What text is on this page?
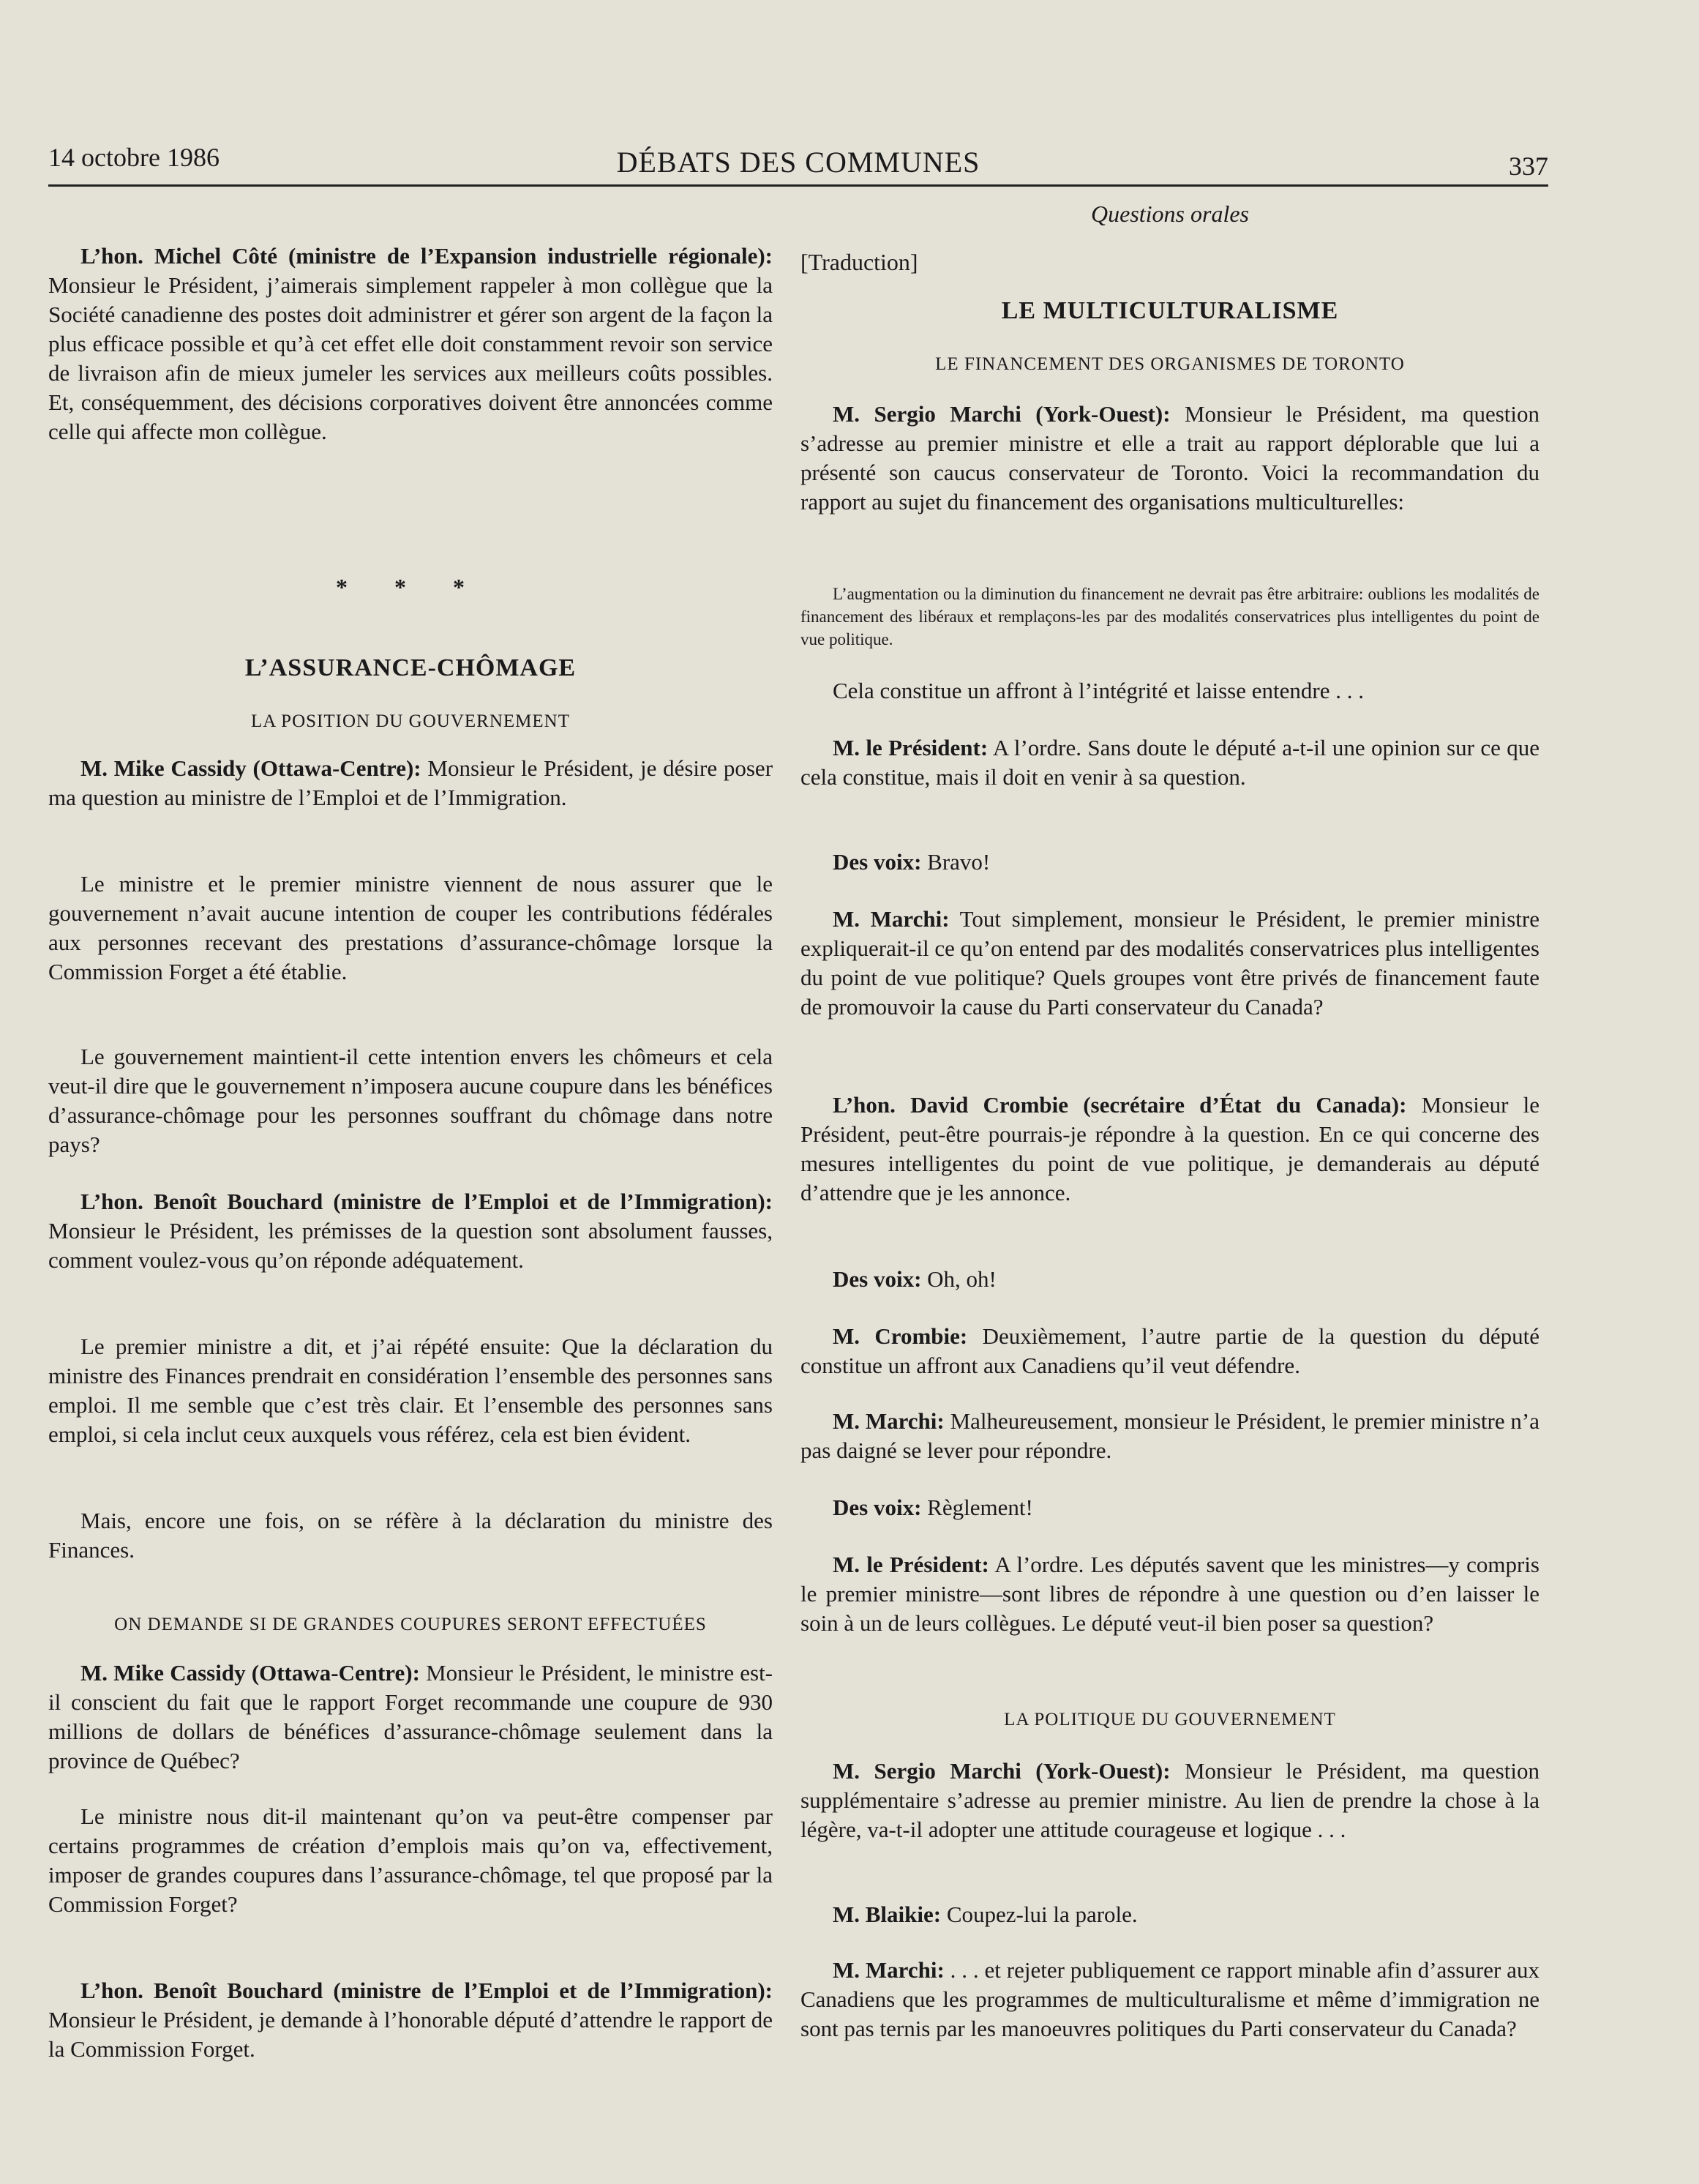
14 octobre 1986	DÉBATS DES COMMUNES	337

L’hon. Michel Côté (ministre de l’Expansion industrielle régionale): Monsieur le Président, j’aimerais simplement rappeler à mon collègue que la Société canadienne des postes doit administrer et gérer son argent de la façon la plus efficace possible et qu’à cet effet elle doit constamment revoir son service de livraison afin de mieux jumeler les services aux meilleurs coûts possibles. Et, conséquemment, des décisions corporatives doivent être annoncées comme celle qui affecte mon collègue.

* * *
L’ASSURANCE-CHÔMAGE
LA POSITION DU GOUVERNEMENT

M. Mike Cassidy (Ottawa-Centre): Monsieur le Président, je désire poser ma question au ministre de l’Emploi et de l’Immigration.

Le ministre et le premier ministre viennent de nous assurer que le gouvernement n’avait aucune intention de couper les contributions fédérales aux personnes recevant des prestations d’assurance-chômage lorsque la Commission Forget a été établie.

Le gouvernement maintient-il cette intention envers les chômeurs et cela veut-il dire que le gouvernement n’imposera aucune coupure dans les bénéfices d’assurance-chômage pour les personnes souffrant du chômage dans notre pays?

L’hon. Benoît Bouchard (ministre de l’Emploi et de l’Immigration): Monsieur le Président, les prémisses de la question sont absolument fausses, comment voulez-vous qu’on réponde adéquatement.

Le premier ministre a dit, et j’ai répété ensuite: Que la déclaration du ministre des Finances prendrait en considération l’ensemble des personnes sans emploi. Il me semble que c’est très clair. Et l’ensemble des personnes sans emploi, si cela inclut ceux auxquels vous référez, cela est bien évident.

Mais, encore une fois, on se réfère à la déclaration du ministre des Finances.

ON DEMANDE SI DE GRANDES COUPURES SERONT EFFECTUÉES

M. Mike Cassidy (Ottawa-Centre): Monsieur le Président, le ministre est-il conscient du fait que le rapport Forget recommande une coupure de 930 millions de dollars de bénéfices d’assurance-chômage seulement dans la province de Québec?

Le ministre nous dit-il maintenant qu’on va peut-être compenser par certains programmes de création d’emplois mais qu’on va, effectivement, imposer de grandes coupures dans l’assurance-chômage, tel que proposé par la Commission Forget?

L’hon. Benoît Bouchard (ministre de l’Emploi et de l’Immigration): Monsieur le Président, je demande à l’honorable député d’attendre le rapport de la Commission Forget.

Questions orales
[Traduction]
LE MULTICULTURALISME
LE FINANCEMENT DES ORGANISMES DE TORONTO

M. Sergio Marchi (York-Ouest): Monsieur le Président, ma question s’adresse au premier ministre et elle a trait au rapport déplorable que lui a présenté son caucus conservateur de Toronto. Voici la recommandation du rapport au sujet du financement des organisations multiculturelles:

L’augmentation ou la diminution du financement ne devrait pas être arbitraire: oublions les modalités de financement des libéraux et remplaçons-les par des modalités conservatrices plus intelligentes du point de vue politique.

Cela constitue un affront à l’intégrité et laisse entendre . . .

M. le Président: A l’ordre. Sans doute le député a-t-il une opinion sur ce que cela constitue, mais il doit en venir à sa question.

Des voix: Bravo!

M. Marchi: Tout simplement, monsieur le Président, le premier ministre expliquerait-il ce qu’on entend par des modalités conservatrices plus intelligentes du point de vue politique? Quels groupes vont être privés de financement faute de promouvoir la cause du Parti conservateur du Canada?

L’hon. David Crombie (secrétaire d’État du Canada): Monsieur le Président, peut-être pourrais-je répondre à la question. En ce qui concerne des mesures intelligentes du point de vue politique, je demanderais au député d’attendre que je les annonce.

Des voix: Oh, oh!

M. Crombie: Deuxièmement, l’autre partie de la question du député constitue un affront aux Canadiens qu’il veut défendre.

M. Marchi: Malheureusement, monsieur le Président, le premier ministre n’a pas daigné se lever pour répondre.

Des voix: Règlement!

M. le Président: A l’ordre. Les députés savent que les ministres—y compris le premier ministre—sont libres de répondre à une question ou d’en laisser le soin à un de leurs collègues. Le député veut-il bien poser sa question?

LA POLITIQUE DU GOUVERNEMENT

M. Sergio Marchi (York-Ouest): Monsieur le Président, ma question supplémentaire s’adresse au premier ministre. Au lien de prendre la chose à la légère, va-t-il adopter une attitude courageuse et logique . . .

M. Blaikie: Coupez-lui la parole.

M. Marchi: . . . et rejeter publiquement ce rapport minable afin d’assurer aux Canadiens que les programmes de multiculturalisme et même d’immigration ne sont pas ternis par les manoeuvres politiques du Parti conservateur du Canada?
